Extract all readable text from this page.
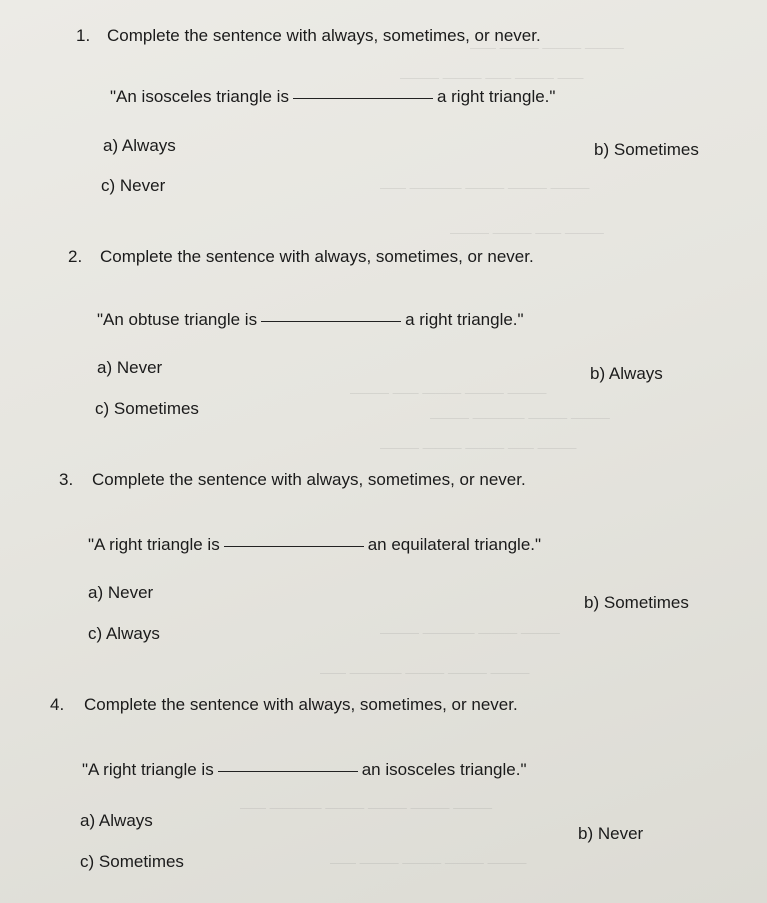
——— ——— ——— ——
—— ——— —— ——— ———
——— ——— ——— ———— ——
——— —— ——— ———
——— ——— ——— —— ———
——— ——— ———— ———
——— —— ——— ——— ———
——— ——— ———— ———
——— ——— ——— ———— ——
——— ——— ——— ——— ———— ——
——— ——— ——— ——— ——
1. Complete the sentence with always, sometimes, or never.
"An isosceles triangle is	a right triangle."
a) Always	b) Sometimes
c) Never
2. Complete the sentence with always, sometimes, or never.
"An obtuse triangle is	a right triangle."
a) Never	b) Always
c) Sometimes
3. Complete the sentence with always, sometimes, or never.
"A right triangle is	an equilateral triangle."
a) Never
b) Sometimes
c) Always
4. Complete the sentence with always, sometimes, or never.
"A right triangle is	an isosceles triangle."
a) Always
b) Never
c) Sometimes
